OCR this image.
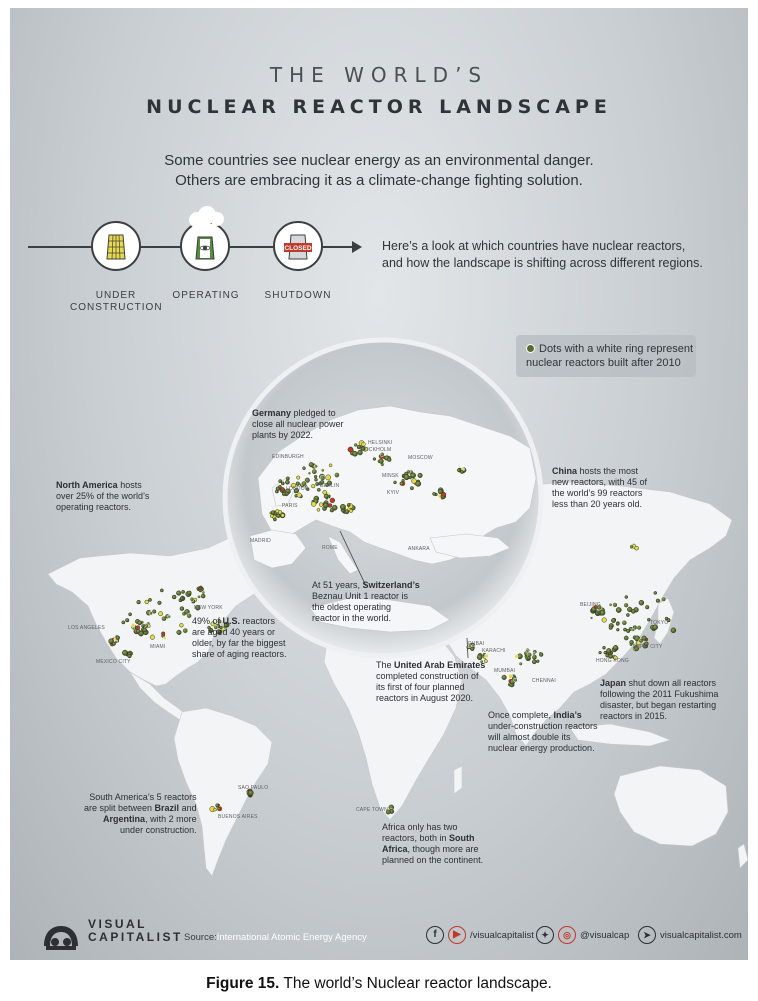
THE WORLD’S
NUCLEAR REACTOR LANDSCAPE
Some countries see nuclear energy as an environmental danger.
Others are embracing it as a climate-change fighting solution.
CLOSED
UNDER
CONSTRUCTION
OPERATING SHUTDOWN
Here’s a look at which countries have nuclear reactors,
and how the landscape is shifting across different regions.
Dots with a white ring represent
nuclear reactors built after 2010
Germany pledged to
close all nuclear power
plants by 2022.
North America hosts
over 25% of the world’s
operating reactors.
China hosts the most
new reactors, with 45 of
the world’s 99 reactors
less than 20 years old.
At 51 years, Switzerland’s
Beznau Unit 1 reactor is
the oldest operating
reactor in the world.
49% of U.S. reactors
are aged 40 years or
older, by far the biggest
share of aging reactors.
The United Arab Emirates
completed construction of
its first of four planned
reactors in August 2020.
Japan shut down all reactors
following the 2011 Fukushima
disaster, but began restarting
reactors in 2015.
Once complete, India’s
under-construction reactors
will almost double its
nuclear energy production.
South America’s 5 reactors
are split between Brazil and
Argentina, with 2 more
under construction.	Africa only has two
reactors, both in South
Africa, though more are
planned on the continent.
EDINBURGH
HELSINKI
STOCKHOLM
MOSCOW
MINSK
BERLIN
LONDON
KYIV
PARIS
MADRID
ROME	ANKARA
NEW YORK
LOS ANGELES
MIAMI
MEXICO CITY
BEIJING
TOKYO
TAIPEI CITY
HONG KONG
DUBAI
KARACHI
MUMBAI
CHENNAI
SAO PAULO
BUENOS AIRES
CAPE TOWN
VISUAL
CAPITALIST Source:International Atomic Energy Agency	f	▶ /visualcapitalist ✦	◎ @visualcap	➤ visualcapitalist.com
Figure 15. The world’s Nuclear reactor landscape.
